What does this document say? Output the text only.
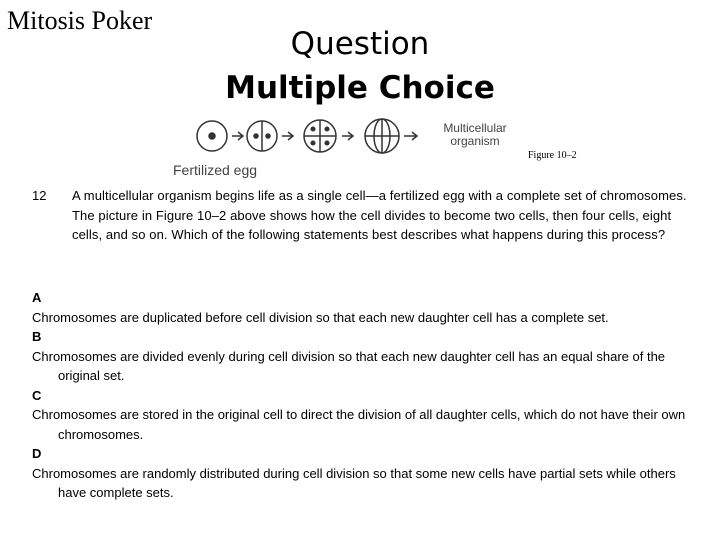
Mitosis Poker
Question
Multiple Choice
Multicellular organism
Fertilized egg
Figure 10–2
12 A multicellular organism begins life as a single cell—a fertilized egg with a complete set of chromosomes. The picture in Figure 10–2 above shows how the cell divides to become two cells, then four cells, eight cells, and so on. Which of the following statements best describes what happens during this process?
A
Chromosomes are duplicated before cell division so that each new daughter cell has a complete set.
B
Chromosomes are divided evenly during cell division so that each new daughter cell has an equal share of the original set.
C
Chromosomes are stored in the original cell to direct the division of all daughter cells, which do not have their own chromosomes.
D
Chromosomes are randomly distributed during cell division so that some new cells have partial sets while others have complete sets.
